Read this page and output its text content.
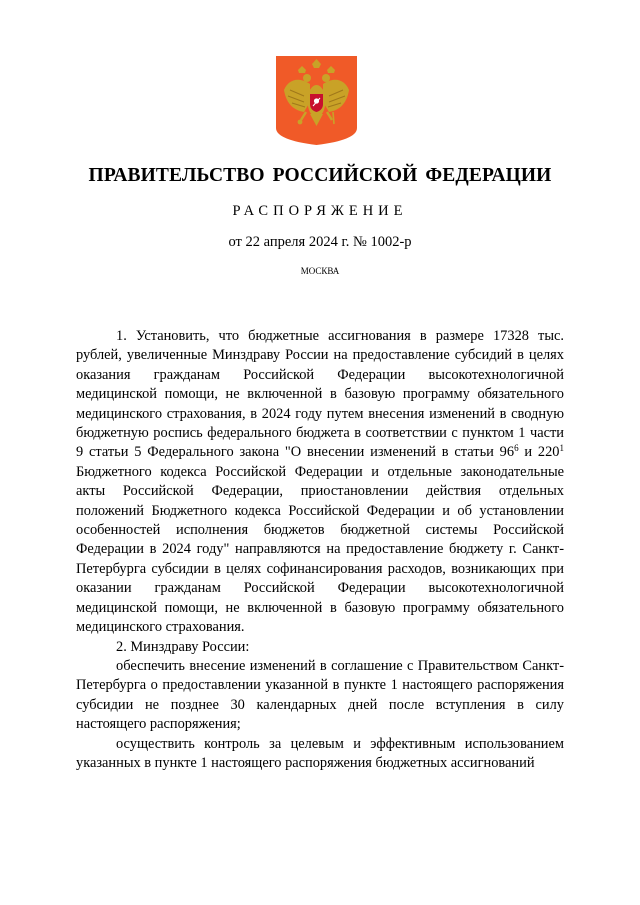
ПРАВИТЕЛЬСТВО РОССИЙСКОЙ ФЕДЕРАЦИИ
РАСПОРЯЖЕНИЕ
от 22 апреля 2024 г. № 1002-р
МОСКВА

1. Установить, что бюджетные ассигнования в размере 17328 тыс. рублей, увеличенные Минздраву России на предоставление субсидий в целях оказания гражданам Российской Федерации высокотехнологичной медицинской помощи, не включенной в базовую программу обязательного медицинского страхования, в 2024 году путем внесения изменений в сводную бюджетную роспись федерального бюджета в соответствии с пунктом 1 части 9 статьи 5 Федерального закона "О внесении изменений в статьи $96^6$ и $220^1$ Бюджетного кодекса Российской Федерации и отдельные законодательные акты Российской Федерации, приостановлении действия отдельных положений Бюджетного кодекса Российской Федерации и об установлении особенностей исполнения бюджетов бюджетной системы Российской Федерации в 2024 году" направляются на предоставление бюджету г. Санкт-Петербурга субсидии в целях софинансирования расходов, возникающих при оказании гражданам Российской Федерации высокотехнологичной медицинской помощи, не включенной в базовую программу обязательного медицинского страхования.

2. Минздраву России:

обеспечить внесение изменений в соглашение с Правительством Санкт-Петербурга о предоставлении указанной в пункте 1 настоящего распоряжения субсидии не позднее 30 календарных дней после вступления в силу настоящего распоряжения;

осуществить контроль за целевым и эффективным использованием указанных в пункте 1 настоящего распоряжения бюджетных ассигнований
